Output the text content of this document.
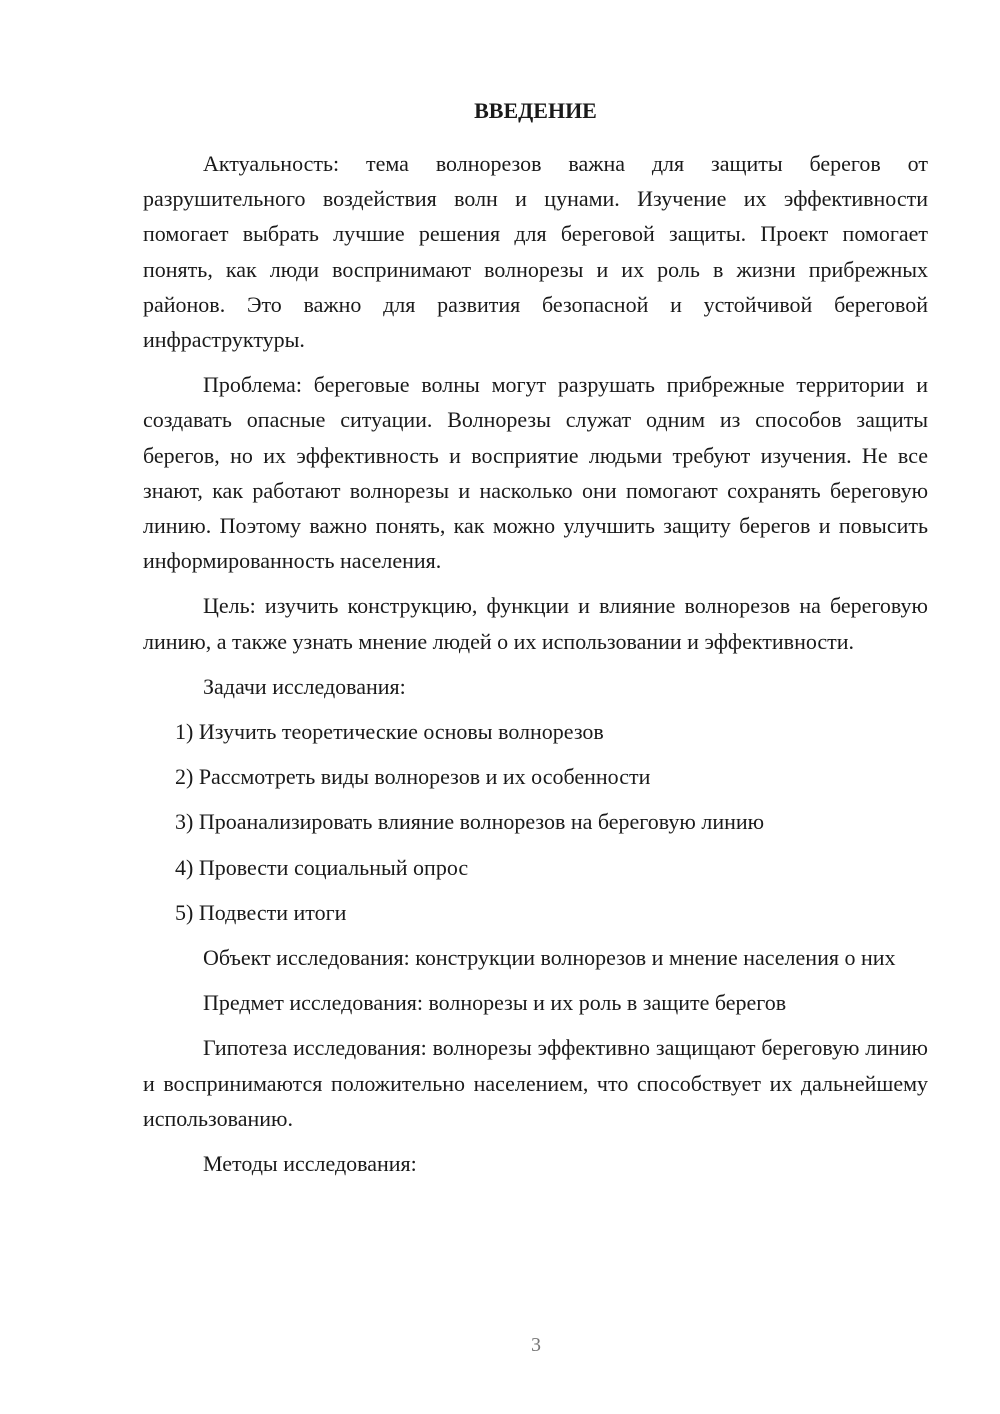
ВВЕДЕНИЕ

Актуальность: тема волнорезов важна для защиты берегов от разрушительного воздействия волн и цунами. Изучение их эффективности помогает выбрать лучшие решения для береговой защиты. Проект помогает понять, как люди воспринимают волнорезы и их роль в жизни прибрежных районов. Это важно для развития безопасной и устойчивой береговой инфраструктуры.

Проблема: береговые волны могут разрушать прибрежные территории и создавать опасные ситуации. Волнорезы служат одним из способов защиты берегов, но их эффективность и восприятие людьми требуют изучения. Не все знают, как работают волнорезы и насколько они помогают сохранять береговую линию. Поэтому важно понять, как можно улучшить защиту берегов и повысить информированность населения.

Цель: изучить конструкцию, функции и влияние волнорезов на береговую линию, а также узнать мнение людей о их использовании и эффективности.

Задачи исследования:

1) Изучить теоретические основы волнорезов

2) Рассмотреть виды волнорезов и их особенности

3) Проанализировать влияние волнорезов на береговую линию

4) Провести социальный опрос

5) Подвести итоги

Объект исследования: конструкции волнорезов и мнение населения о них

Предмет исследования: волнорезы и их роль в защите берегов

Гипотеза исследования: волнорезы эффективно защищают береговую линию и воспринимаются положительно населением, что способствует их дальнейшему использованию.

Методы исследования:

3
